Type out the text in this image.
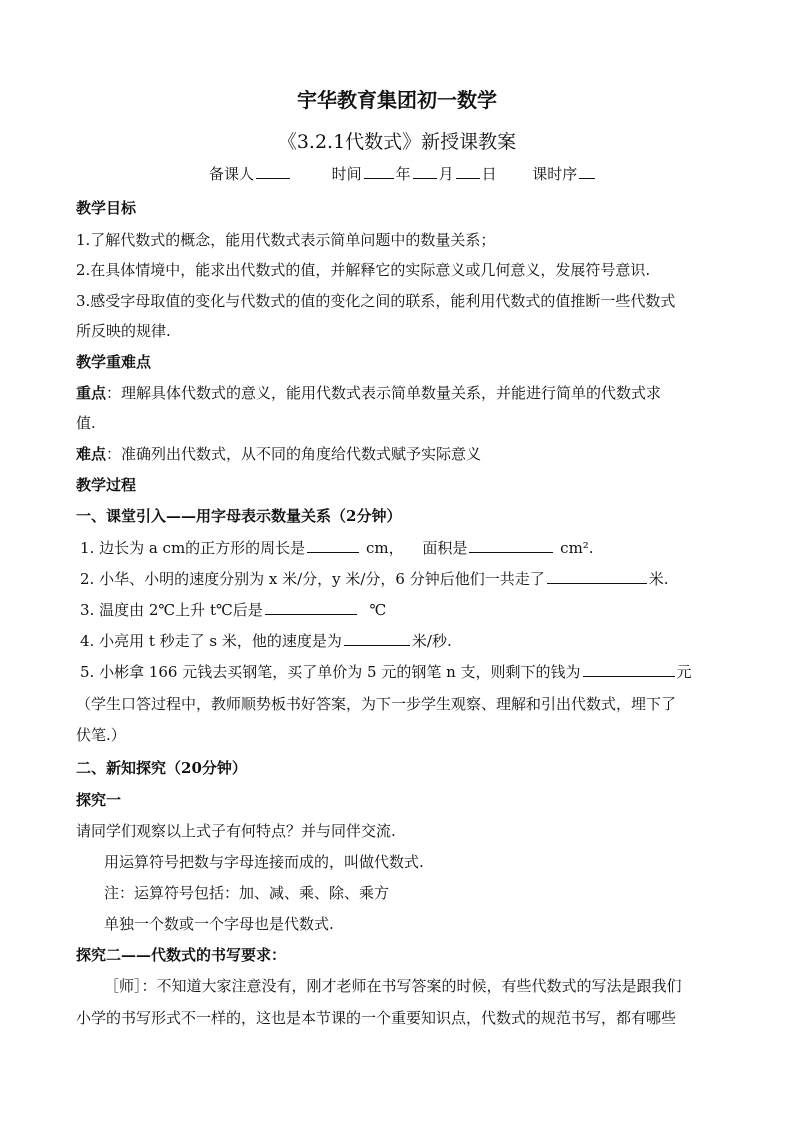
宇华教育集团初一数学
《3.2.1代数式》新授课教案
备课人	时间 年 月 日 课时序
教学目标
1.了解代数式的概念，能用代数式表示简单问题中的数量关系；
2.在具体情境中，能求出代数式的值，并解释它的实际意义或几何意义，发展符号意识.
3.感受字母取值的变化与代数式的值的变化之间的联系，能利用代数式的值推断一些代数式
所反映的规律.
教学重难点
重点：理解具体代数式的意义，能用代数式表示简单数量关系，并能进行简单的代数式求
值.
难点：准确列出代数式，从不同的角度给代数式赋予实际意义
教学过程
一、课堂引入——用字母表示数量关系（2分钟）
1. 边长为 a cm的正方形的周长是	cm， 面积是	cm².
2. 小华、小明的速度分别为 x 米/分，y 米/分，6 分钟后他们一共走了	米.
3. 温度由 2℃上升 t℃后是	℃
4. 小亮用 t 秒走了 s 米，他的速度是为	米/秒.
5. 小彬拿 166 元钱去买钢笔，买了单价为 5 元的钢笔 n 支，则剩下的钱为	元
（学生口答过程中，教师顺势板书好答案，为下一步学生观察、理解和引出代数式，埋下了
伏笔.）
二、新知探究（20分钟）
探究一
请同学们观察以上式子有何特点？并与同伴交流.
用运算符号把数与字母连接而成的，叫做代数式.
注：运算符号包括：加、减、乘、除、乘方
单独一个数或一个字母也是代数式.
探究二——代数式的书写要求：
［师］：不知道大家注意没有，刚才老师在书写答案的时候，有些代数式的写法是跟我们
小学的书写形式不一样的，这也是本节课的一个重要知识点，代数式的规范书写，都有哪些
